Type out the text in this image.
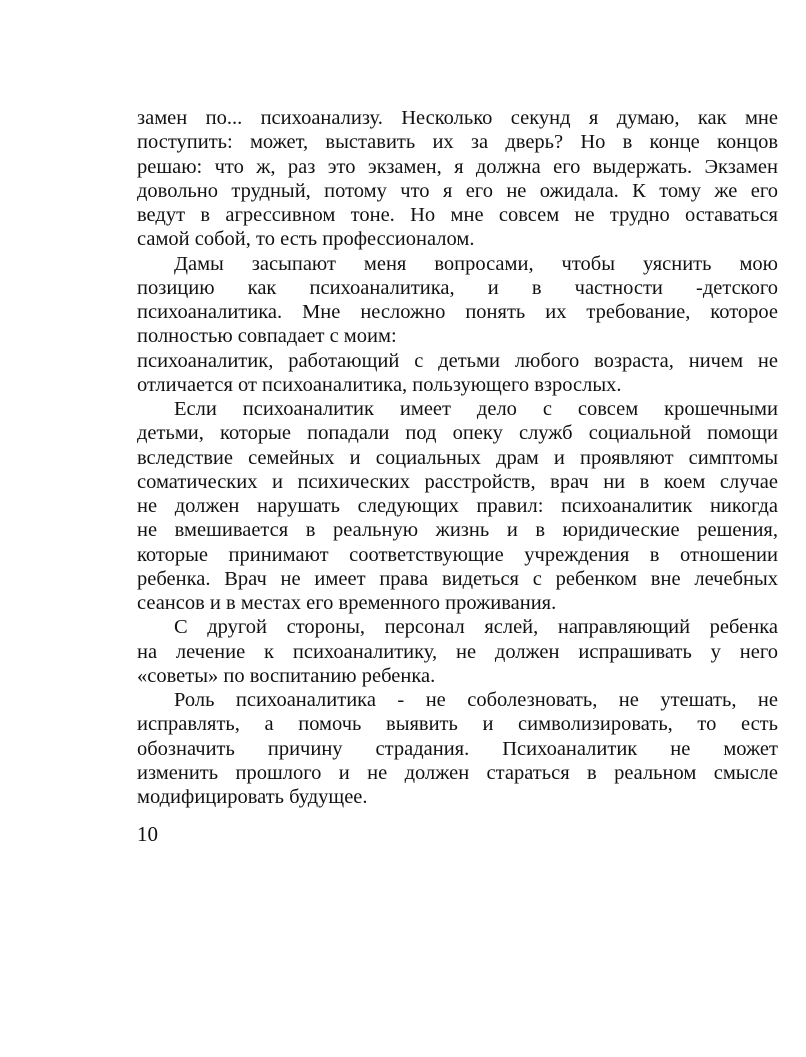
замен по... психоанализу. Несколько секунд я думаю, как мне
поступить: может, выставить их за дверь? Но в конце концов
решаю: что ж, раз это экзамен, я должна его выдержать. Экзамен
довольно трудный, потому что я его не ожидала. К тому же его
ведут в агрессивном тоне. Но мне совсем не трудно оставаться
самой собой, то есть профессионалом.
Дамы засыпают меня вопросами, чтобы уяснить мою
позицию как психоаналитика, и в частности -детского
психоаналитика. Мне несложно понять их требование, которое
полностью совпадает с моим:
психоаналитик, работающий с детьми любого возраста, ничем не
отличается от психоаналитика, пользующего взрослых.
Если психоаналитик имеет дело с совсем крошечными
детьми, которые попадали под опеку служб социальной помощи
вследствие семейных и социальных драм и проявляют симптомы
соматических и психических расстройств, врач ни в коем случае
не должен нарушать следующих правил: психоаналитик никогда
не вмешивается в реальную жизнь и в юридические решения,
которые принимают соответствующие учреждения в отношении
ребенка. Врач не имеет права видеться с ребенком вне лечебных
сеансов и в местах его временного проживания.
С другой стороны, персонал яслей, направляющий ребенка
на лечение к психоаналитику, не должен испрашивать у него
«советы» по воспитанию ребенка.
Роль психоаналитика - не соболезновать, не утешать, не
исправлять, а помочь выявить и символизировать, то есть
обозначить причину страдания. Психоаналитик не может
изменить прошлого и не должен стараться в реальном смысле
модифицировать будущее.
10
